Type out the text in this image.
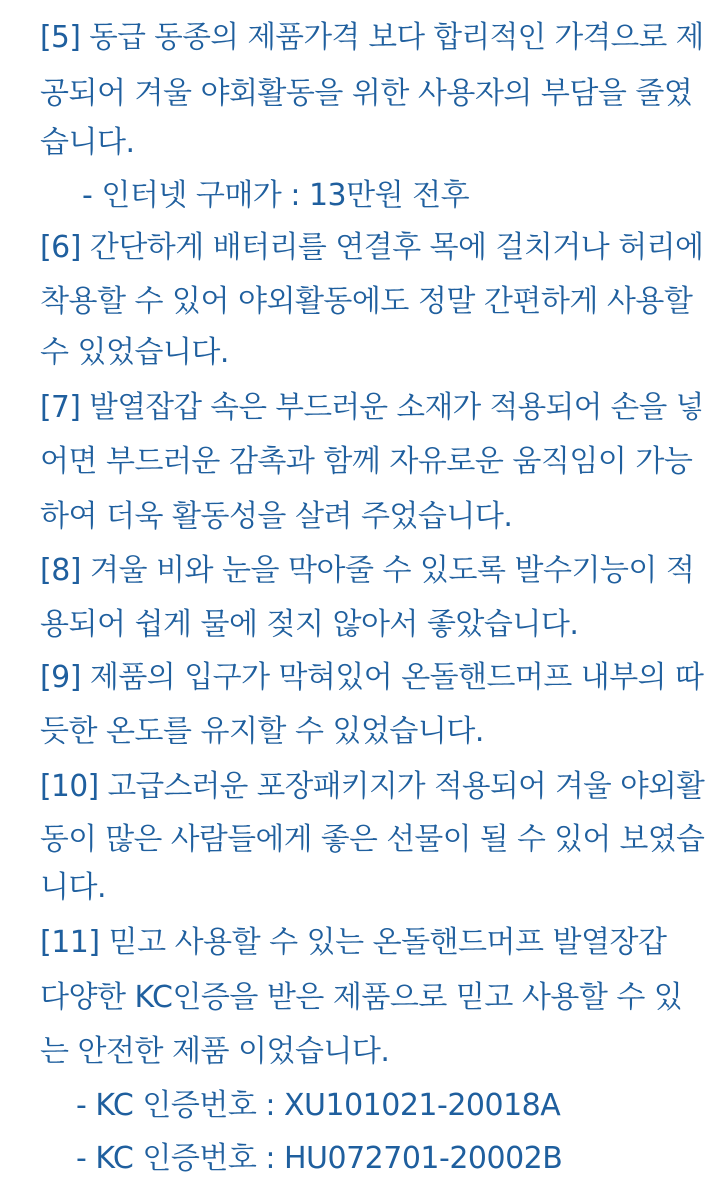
[5] 동급 동종의 제품가격 보다 합리적인 가격으로 제
공되어 겨울 야회활동을 위한 사용자의 부담을 줄였
습니다.
- 인터넷 구매가 : 13만원 전후
[6] 간단하게 배터리를 연결후 목에 걸치거나 허리에
착용할 수 있어 야외활동에도 정말 간편하게 사용할
수 있었습니다.
[7] 발열잡갑 속은 부드러운 소재가 적용되어 손을 넣
어면 부드러운 감촉과 함께 자유로운 움직임이 가능
하여 더욱 활동성을 살려 주었습니다.
[8] 겨울 비와 눈을 막아줄 수 있도록 발수기능이 적
용되어 쉽게 물에 젖지 않아서 좋았습니다.
[9] 제품의 입구가 막혀있어 온돌핸드머프 내부의 따
듯한 온도를 유지할 수 있었습니다.
[10] 고급스러운 포장패키지가 적용되어 겨울 야외활
동이 많은 사람들에게 좋은 선물이 될 수 있어 보였습
니다.
[11] 믿고 사용할 수 있는 온돌핸드머프 발열장갑
다양한 KC인증을 받은 제품으로 믿고 사용할 수 있
는 안전한 제품 이었습니다.
- KC 인증번호 : XU101021-20018A
- KC 인증번호 : HU072701-20002B
